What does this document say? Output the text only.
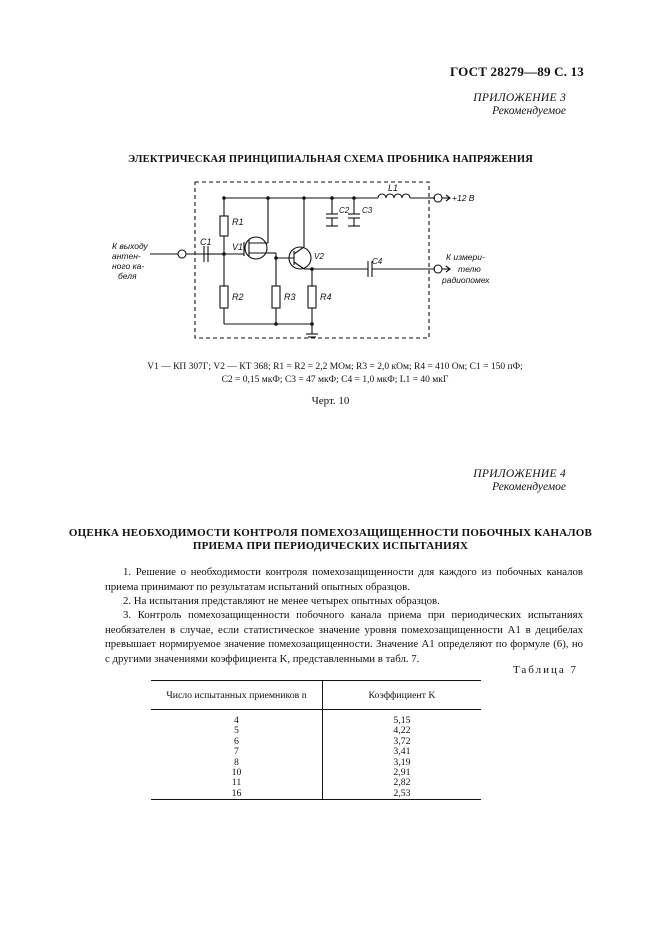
ГОСТ 28279—89 С. 13
ПРИЛОЖЕНИЕ 3
Рекомендуемое
ЭЛЕКТРИЧЕСКАЯ ПРИНЦИПИАЛЬНАЯ СХЕМА ПРОБНИКА НАПРЯЖЕНИЯ
R1
R2	R3	R4
C1
C2 C3
C4
L1
V1
V2
+12 В
К выходу
антен-
ного ка-
беля
К измери-
телю
радиопомех
V1 — КП 307Г; V2 — КТ 368; R1 = R2 = 2,2 МОм; R3 = 2,0 кОм; R4 = 410 Ом; C1 = 150 пФ;
C2 = 0,15 мкФ; C3 = 47 мкФ; C4 = 1,0 мкФ; L1 = 40 мкГ
Черт. 10
ПРИЛОЖЕНИЕ 4
Рекомендуемое
ОЦЕНКА НЕОБХОДИМОСТИ КОНТРОЛЯ ПОМЕХОЗАЩИЩЕННОСТИ ПОБОЧНЫХ КАНАЛОВ
ПРИЕМА ПРИ ПЕРИОДИЧЕСКИХ ИСПЫТАНИЯХ
1. Решение о необходимости контроля помехозащищенности для каждого из побочных каналов приема принимают по результатам испытаний опытных образцов.
2. На испытания представляют не менее четырех опытных образцов.
3. Контроль помехозащищенности побочного канала приема при периодических испытаниях необязателен в случае, если статистическое значение уровня помехозащищенности A1 в децибелах превышает нормируемое значение помехозащищенности. Значение A1 определяют по формуле (6), но с другими значениями коэффициента K, представленными в табл. 7.
Таблица 7
Число испытанных приемников n	Коэффициент K
4	5,15
5	4,22
6	3,72
7	3,41
8	3,19
10	2,91
11	2,82
16	2,53
